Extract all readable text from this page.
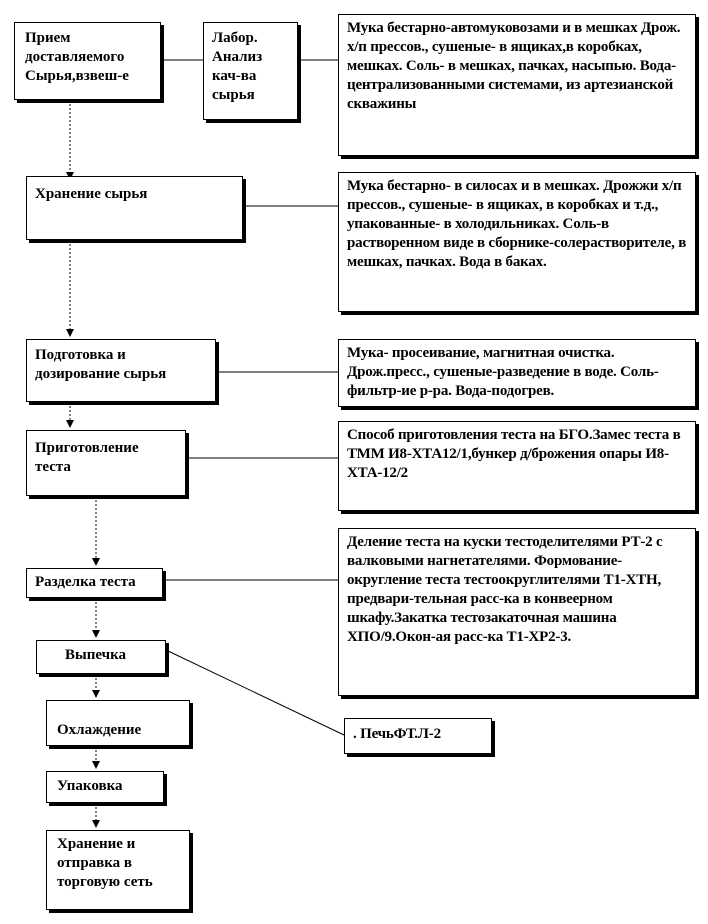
Прием доставляемого Сырья,взвеш-е
Лабор. Анализ кач-ва сырья
Хранение сырья
Подготовка и дозирование сырья
Приготовление теста
Разделка теста
Выпечка
Охлаждение
Упаковка
Хранение и отправка в торговую сеть
Мука бестарно-автомуковозами и в мешках Дрож. х/п прессов., сушеные- в ящиках,в коробках, мешках. Соль- в мешках, пачках, насыпью. Вода- централизованными системами, из артезианской скважины
Мука бестарно- в силосах и в мешках. Дрожжи х/п прессов., сушеные- в ящиках, в коробках и т.д., упакованные- в холодильниках. Соль-в растворенном виде в сборнике-солерастворителе, в мешках, пачках. Вода в баках.
Мука- просеивание, магнитная очистка. Дрож.пресс., сушеные-разведение в воде. Соль- фильтр-ие р-ра. Вода-подогрев.
Способ приготовления теста на БГО.Замес теста в ТММ И8-ХТА12/1,бункер д/брожения опары И8-ХТА-12/2
Деление теста на куски тестоделителями РТ-2 с валковыми нагнетателями. Формование-округление теста тестоокруглителями Т1-ХТН, предвари-тельная расс-ка в конвеерном шкафу.Закатка тестозакаточная машина ХПО/9.Окон-ая расс-ка Т1-ХР2-3.
. ПечьФТ.Л-2
